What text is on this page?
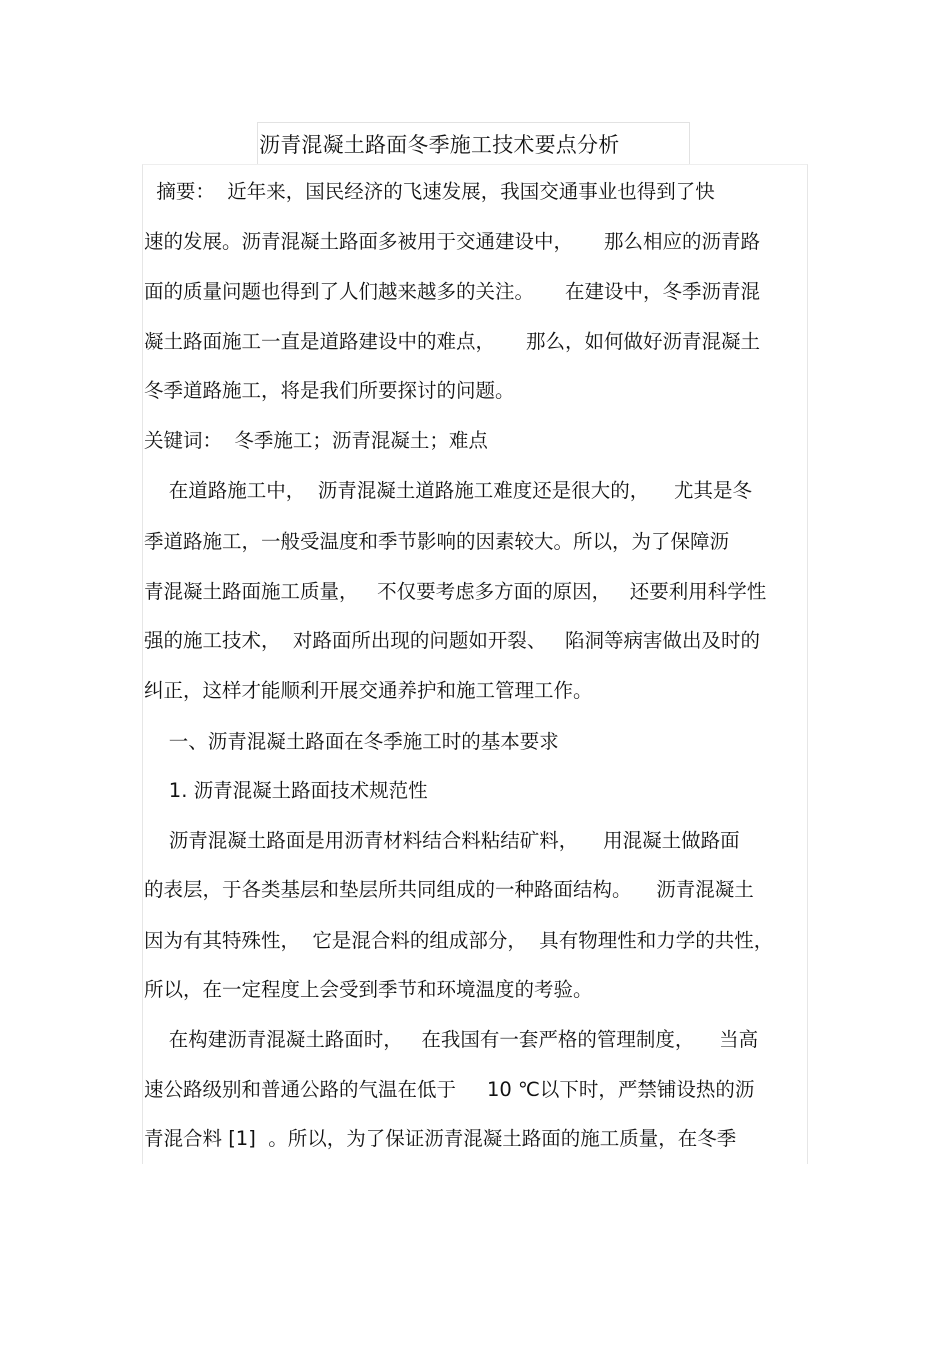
沥青混凝土路面冬季施工技术要点分析
摘要：  近年来，国民经济的飞速发展，我国交通事业也得到了快
速的发展。沥青混凝土路面多被用于交通建设中，     那么相应的沥青路
面的质量问题也得到了人们越来越多的关注。     在建设中，冬季沥青混
凝土路面施工一直是道路建设中的难点，     那么，如何做好沥青混凝土
冬季道路施工，将是我们所要探讨的问题。
关键词：  冬季施工；沥青混凝土；难点
在道路施工中，  沥青混凝土道路施工难度还是很大的，    尤其是冬
季道路施工，一般受温度和季节影响的因素较大。所以，为了保障沥
青混凝土路面施工质量，   不仅要考虑多方面的原因，   还要利用科学性
强的施工技术，  对路面所出现的问题如开裂、   陷洞等病害做出及时的
纠正，这样才能顺利开展交通养护和施工管理工作。
一、沥青混凝土路面在冬季施工时的基本要求
1. 沥青混凝土路面技术规范性
沥青混凝土路面是用沥青材料结合料粘结矿料，    用混凝土做路面
的表层，于各类基层和垫层所共同组成的一种路面结构。    沥青混凝土
因为有其特殊性，  它是混合料的组成部分，  具有物理性和力学的共性，
所以，在一定程度上会受到季节和环境温度的考验。
在构建沥青混凝土路面时，   在我国有一套严格的管理制度，    当高
速公路级别和普通公路的气温在低于     10 ℃以下时，严禁铺设热的沥
青混合料 [1]  。所以，为了保证沥青混凝土路面的施工质量，在冬季
